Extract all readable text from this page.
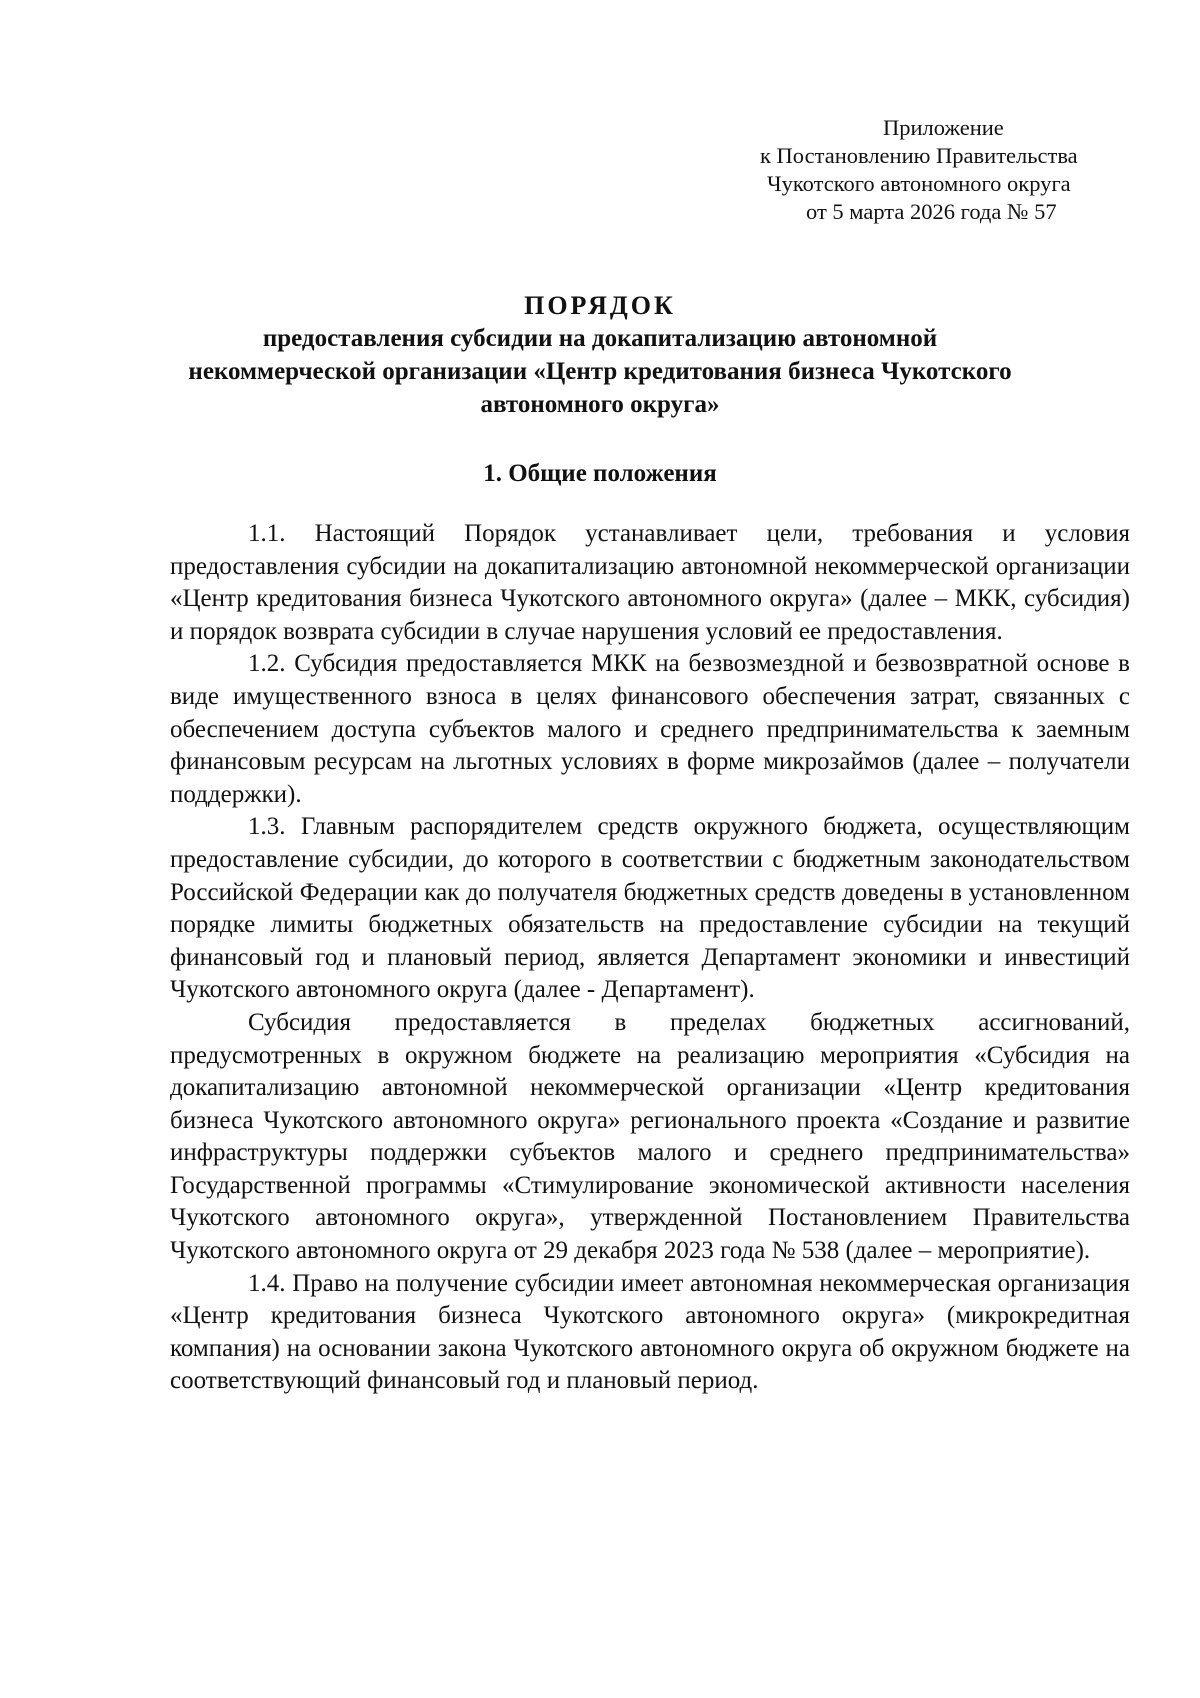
Приложение
к Постановлению Правительства
Чукотского автономного округа
от 5 марта 2026 года № 57
ПОРЯДОК
предоставления субсидии на докапитализацию автономной
некоммерческой организации «Центр кредитования бизнеса Чукотского
автономного округа»
1. Общие положения

1.1. Настоящий Порядок устанавливает цели, требования и условия предоставления субсидии на докапитализацию автономной некоммерческой организации «Центр кредитования бизнеса Чукотского автономного округа» (далее – МКК, субсидия) и порядок возврата субсидии в случае нарушения условий ее предоставления.

1.2. Субсидия предоставляется МКК на безвозмездной и безвозвратной основе в виде имущественного взноса в целях финансового обеспечения затрат, связанных с обеспечением доступа субъектов малого и среднего предпринимательства к заемным финансовым ресурсам на льготных условиях в форме микрозаймов (далее – получатели поддержки).

1.3. Главным распорядителем средств окружного бюджета, осуществляющим предоставление субсидии, до которого в соответствии с бюджетным законодательством Российской Федерации как до получателя бюджетных средств доведены в установленном порядке лимиты бюджетных обязательств на предоставление субсидии на текущий финансовый год и плановый период, является Департамент экономики и инвестиций Чукотского автономного округа (далее - Департамент).

Субсидия предоставляется в пределах бюджетных ассигнований, предусмотренных в окружном бюджете на реализацию мероприятия «Субсидия на докапитализацию автономной некоммерческой организации «Центр кредитования бизнеса Чукотского автономного округа» регионального проекта «Создание и развитие инфраструктуры поддержки субъектов малого и среднего предпринимательства» Государственной программы «Стимулирование экономической активности населения Чукотского автономного округа», утвержденной Постановлением Правительства Чукотского автономного округа от 29 декабря 2023 года № 538 (далее – мероприятие).

1.4. Право на получение субсидии имеет автономная некоммерческая организация «Центр кредитования бизнеса Чукотского автономного округа» (микрокредитная компания) на основании закона Чукотского автономного округа об окружном бюджете на соответствующий финансовый год и плановый период.
